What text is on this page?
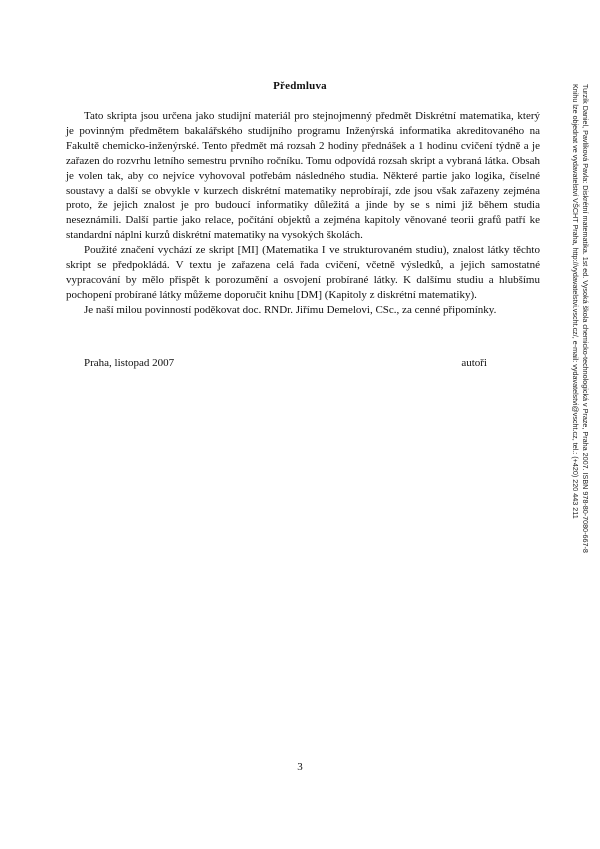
Předmluva

Tato skripta jsou určena jako studijní materiál pro stejnojmenný předmět Diskrétní matematika, který je povinným předmětem bakalářského studijního programu Inženýrská informatika akreditovaného na Fakultě chemicko-inženýrské. Tento předmět má rozsah 2 hodiny přednášek a 1 hodinu cvičení týdně a je zařazen do rozvrhu letního semestru prvního ročníku. Tomu odpovídá rozsah skript a vybraná látka. Obsah je volen tak, aby co nejvíce vyhovoval potřebám následného studia. Některé partie jako logika, číselné soustavy a další se obvykle v kurzech diskrétní matematiky neprobírají, zde jsou však zařazeny zejména proto, že jejich znalost je pro budoucí informatiky důležitá a jinde by se s nimi již během studia neseznámili. Další partie jako relace, počítání objektů a zejména kapitoly věnované teorii grafů patří ke standardní náplni kurzů diskrétní matematiky na vysokých školách.

Použité značení vychází ze skript [MI] (Matematika I ve strukturovaném studiu), znalost látky těchto skript se předpokládá. V textu je zařazena celá řada cvičení, včetně výsledků, a jejich samostatné vypracování by mělo přispět k porozumění a osvojení probírané látky. K dalšímu studiu a hlubšímu pochopení probírané látky můžeme doporučit knihu [DM] (Kapitoly z diskrétní matematiky).

Je naší milou povinností poděkovat doc. RNDr. Jiřímu Demelovi, CSc., za cenné připomínky.

Praha, listopad 2007	autoři
3
Turzík Daniel, Pavlíková Pavla: Diskrétní matematika. 1st ed. Vysoká škola chemicko-technologická v Praze, Praha 2007. ISBN 978-80-7080-667-8
Knihu lze objednat ve vydavatelství VŠCHT Praha, http://vydavatelstvi.vscht.cz/, e-mail: vydavatelstvi@vscht.cz, tel.: (+420) 220 443 211
